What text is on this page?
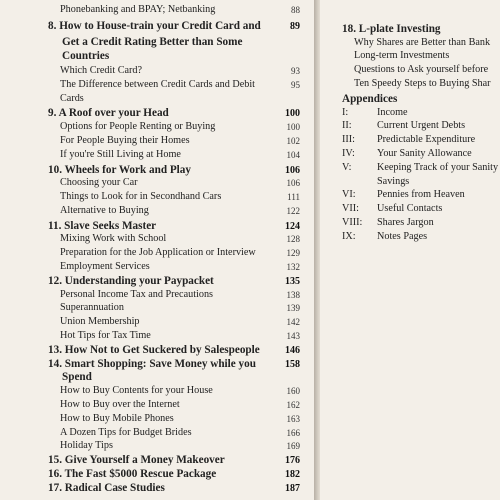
Phonebanking and BPAY; Netbanking	88
8. How to House-train your Credit Card and	89
Get a Credit Rating Better than Some
Countries
Which Credit Card?	93
The Difference between Credit Cards and Debit	95
Cards
9. A Roof over your Head	100
Options for People Renting or Buying	100
For People Buying their Homes	102
If you're Still Living at Home	104
10. Wheels for Work and Play	106
Choosing your Car	106
Things to Look for in Secondhand Cars	111
Alternative to Buying	122
11. Slave Seeks Master	124
Mixing Work with School	128
Preparation for the Job Application or Interview	129
Employment Services	132
12. Understanding your Paypacket	135
Personal Income Tax and Precautions	138
Superannuation	139
Union Membership	142
Hot Tips for Tax Time	143
13. How Not to Get Suckered by Salespeople	146
14. Smart Shopping: Save Money while you	158
Spend
How to Buy Contents for your House	160
How to Buy over the Internet	162
How to Buy Mobile Phones	163
A Dozen Tips for Budget Brides	166
Holiday Tips	169
15. Give Yourself a Money Makeover	176
16. The Fast $5000 Rescue Package	182
17. Radical Case Studies	187
18. L-plate Investing
Why Shares are Better than Bank
Long-term Investments
Questions to Ask yourself before
Ten Speedy Steps to Buying Shar
Appendices
I:	Income
II: Current Urgent Debts
III: Predictable Expenditure
IV: Your Sanity Allowance
V:	Keeping Track of your Sanity
Savings
VI: Pennies from Heaven
VII: Useful Contacts
VIII: Shares Jargon
IX: Notes Pages
